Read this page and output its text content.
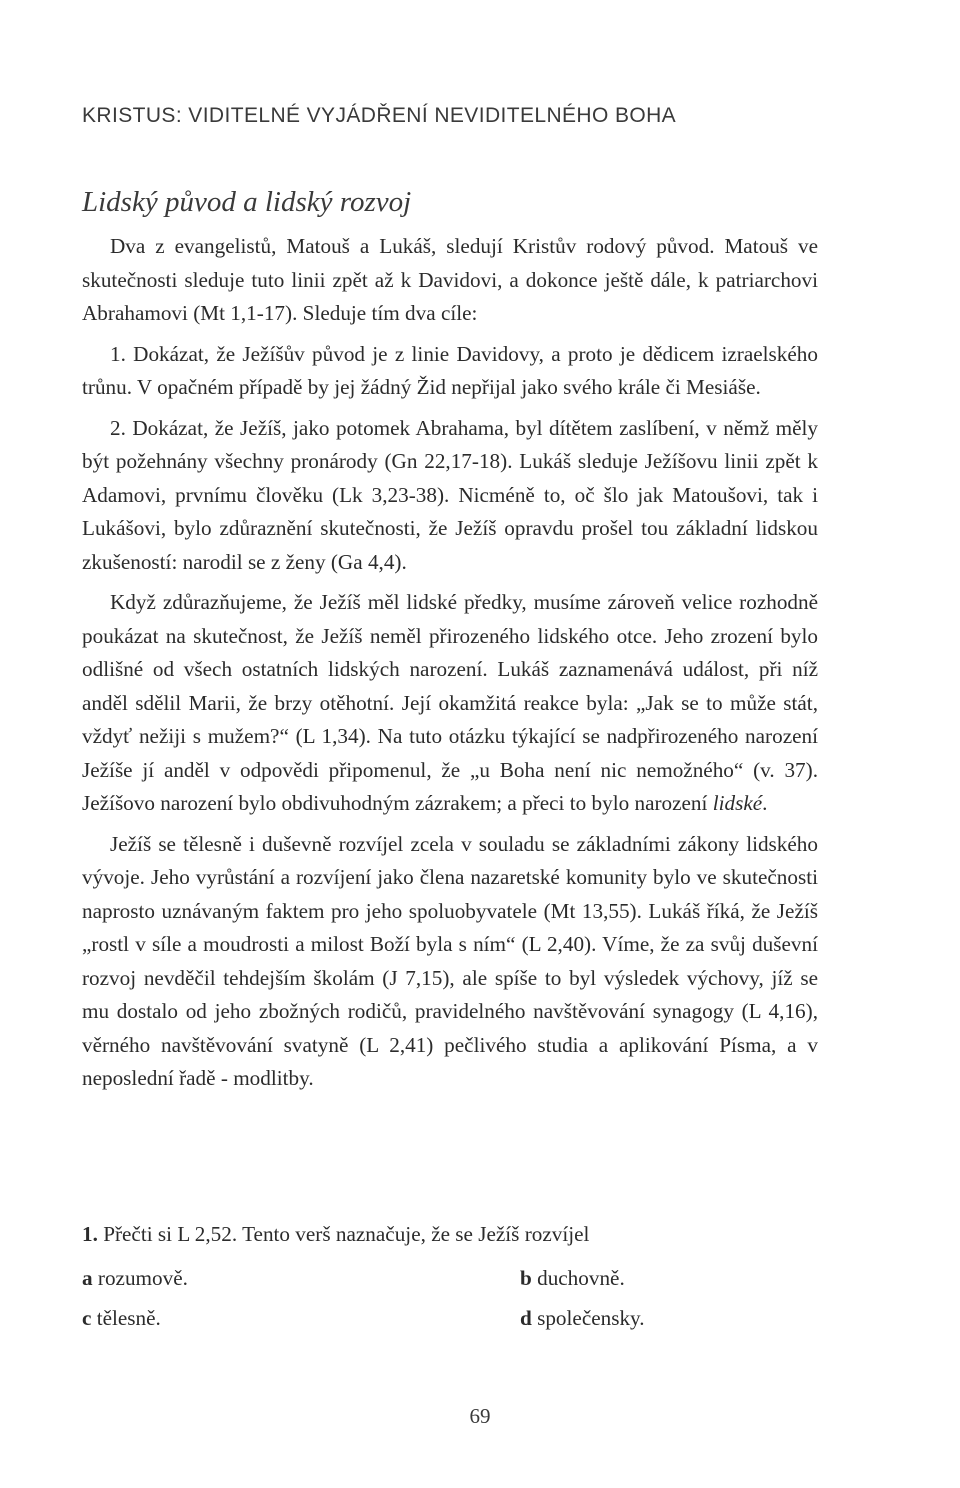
KRISTUS: VIDITELNÉ VYJÁDŘENÍ NEVIDITELNÉHO BOHA
Lidský původ a lidský rozvoj

Dva z evangelistů, Matouš a Lukáš, sledují Kristův rodový původ. Matouš ve skutečnosti sleduje tuto linii zpět až k Davidovi, a dokonce ještě dále, k patriarchovi Abrahamovi (Mt 1,1-17). Sleduje tím dva cíle:

1. Dokázat, že Ježíšův původ je z linie Davidovy, a proto je dědicem izraelského trůnu. V opačném případě by jej žádný Žid nepřijal jako svého krále či Mesiáše.

2. Dokázat, že Ježíš, jako potomek Abrahama, byl dítětem zaslíbení, v němž měly být požehnány všechny pronárody (Gn 22,17-18). Lukáš sleduje Ježíšovu linii zpět k Adamovi, prvnímu člověku (Lk 3,23-38). Nicméně to, oč šlo jak Matoušovi, tak i Lukášovi, bylo zdůraznění skutečnosti, že Ježíš opravdu prošel tou základní lidskou zkušeností: narodil se z ženy (Ga 4,4).

Když zdůrazňujeme, že Ježíš měl lidské předky, musíme zároveň velice rozhodně poukázat na skutečnost, že Ježíš neměl přirozeného lidského otce. Jeho zrození bylo odlišné od všech ostatních lidských narození. Lukáš zaznamenává událost, při níž anděl sdělil Marii, že brzy otěhotní. Její okamžitá reakce byla: „Jak se to může stát, vždyť nežiji s mužem?“ (L 1,34). Na tuto otázku týkající se nadpřirozeného narození Ježíše jí anděl v odpovědi připomenul, že „u Boha není nic nemožného“ (v. 37). Ježíšovo narození bylo obdivuhodným zázrakem; a přeci to bylo narození lidské.

Ježíš se tělesně i duševně rozvíjel zcela v souladu se základními zákony lidského vývoje. Jeho vyrůstání a rozvíjení jako člena nazaretské komunity bylo ve skutečnosti naprosto uznávaným faktem pro jeho spoluobyvatele (Mt 13,55). Lukáš říká, že Ježíš „rostl v síle a moudrosti a milost Boží byla s ním“ (L 2,40). Víme, že za svůj duševní rozvoj nevděčil tehdejším školám (J 7,15), ale spíše to byl výsledek výchovy, jíž se mu dostalo od jeho zbožných rodičů, pravidelného navštěvování synagogy (L 4,16), věrného navštěvování svatyně (L 2,41) pečlivého studia a aplikování Písma, a v neposlední řadě - modlitby.

1. Přečti si L 2,52. Tento verš naznačuje, že se Ježíš rozvíjel
a rozumově.	b duchovně.
c tělesně.	d společensky.
69
